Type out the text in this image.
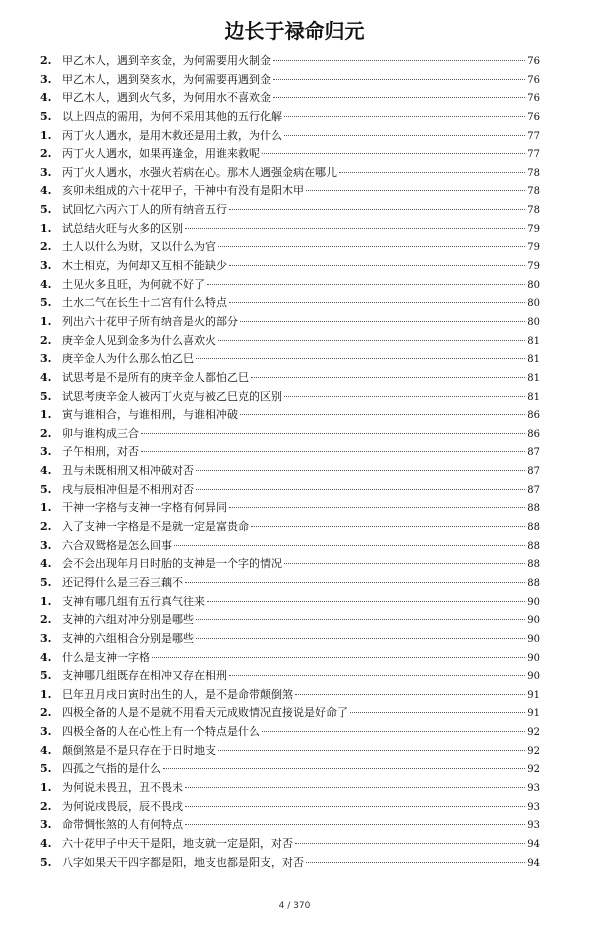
边长于禄命归元
2. 甲乙木人，遇到辛亥金，为何需要用火制金	76
3. 甲乙木人，遇到癸亥水，为何需要再遇到金	76
4. 甲乙木人，遇到火气多，为何用水不喜欢金	76
5. 以上四点的需用，为何不采用其他的五行化解	76
1. 丙丁火人遇水，是用木救还是用土救，为什么	77
2. 丙丁火人遇水，如果再逢金，用谁来救呢	77
3. 丙丁火人遇水，水强火若病在心。那木人遇强金病在哪儿	78
4. 亥卯未组成的六十花甲子，干神中有没有是阳木甲	78
5. 试回忆六丙六丁人的所有纳音五行	78
1. 试总结火旺与火多的区别	79
2. 土人以什么为财，又以什么为官	79
3. 木土相克，为何却又互相不能缺少	79
4. 土见火多且旺，为何就不好了	80
5. 土水二气在长生十二宫有什么特点	80
1. 列出六十花甲子所有纳音是火的部分	80
2. 庚辛金人见到金多为什么喜欢火	81
3. 庚辛金人为什么那么怕乙巳	81
4. 试思考是不是所有的庚辛金人都怕乙巳	81
5. 试思考庚辛金人被丙丁火克与被乙巳克的区别	81
1. 寅与谁相合，与谁相刑，与谁相冲破	86
2. 卯与谁构成三合	86
3. 子午相刑，对否	87
4. 丑与未既相刑又相冲破对否	87
5. 戌与辰相冲但是不相刑对否	87
1. 干神一字格与支神一字格有何异同	88
2. 入了支神一字格是不是就一定是富贵命	88
3. 六合双鸳格是怎么回事	88
4. 会不会出现年月日时胎的支神是一个字的情况	88
5. 还记得什么是三吞三藕不	88
1. 支神有哪几组有五行真气往来	90
2. 支神的六组对冲分别是哪些	90
3. 支神的六组相合分别是哪些	90
4. 什么是支神一字格	90
5. 支神哪几组既存在相冲又存在相刑	90
1. 巳年丑月戌日寅时出生的人，是不是命带颠倒煞	91
2. 四极全备的人是不是就不用看天元成败情况直接说是好命了	91
3. 四极全备的人在心性上有一个特点是什么	92
4. 颠倒煞是不是只存在于日时地支	92
5. 四孤之气指的是什么	92
1. 为何说未畏丑，丑不畏未	93
2. 为何说戌畏辰，辰不畏戌	93
3. 命带惆怅煞的人有何特点	93
4. 六十花甲子中天干是阳，地支就一定是阳，对否	94
5. 八字如果天干四字都是阳，地支也都是阳支，对否	94
4 / 370
